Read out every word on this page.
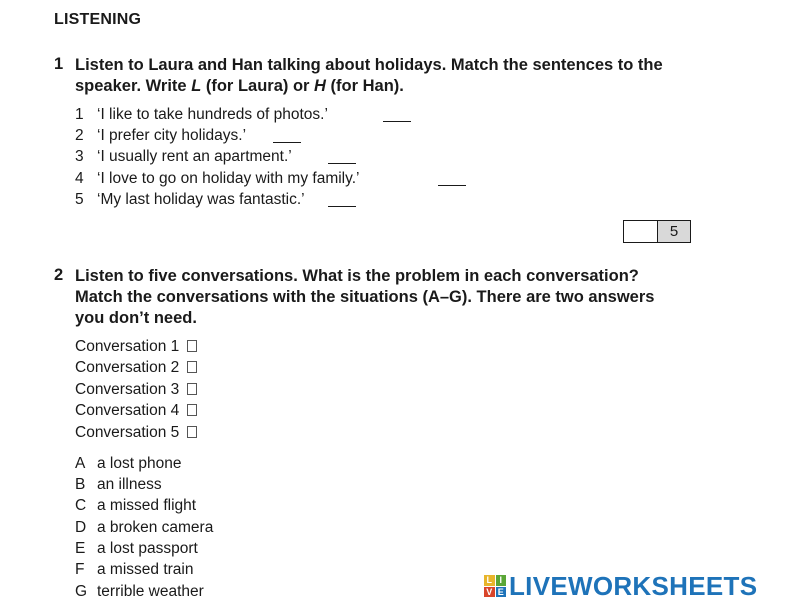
LISTENING
1 Listen to Laura and Han talking about holidays. Match the sentences to the speaker. Write L (for Laura) or H (for Han).
1 ‘I like to take hundreds of photos.’
2 ‘I prefer city holidays.’
3 ‘I usually rent an apartment.’
4 ‘I love to go on holiday with my family.’
5 ‘My last holiday was fantastic.’
5
2 Listen to five conversations. What is the problem in each conversation? Match the conversations with the situations (A–G). There are two answers you don’t need.
Conversation 1
Conversation 2
Conversation 3
Conversation 4
Conversation 5
A a lost phone
B an illness
C a missed flight
D a broken camera
E a lost passport
F a missed train
G terrible weather
L I
V E LIVEWORKSHEETS
